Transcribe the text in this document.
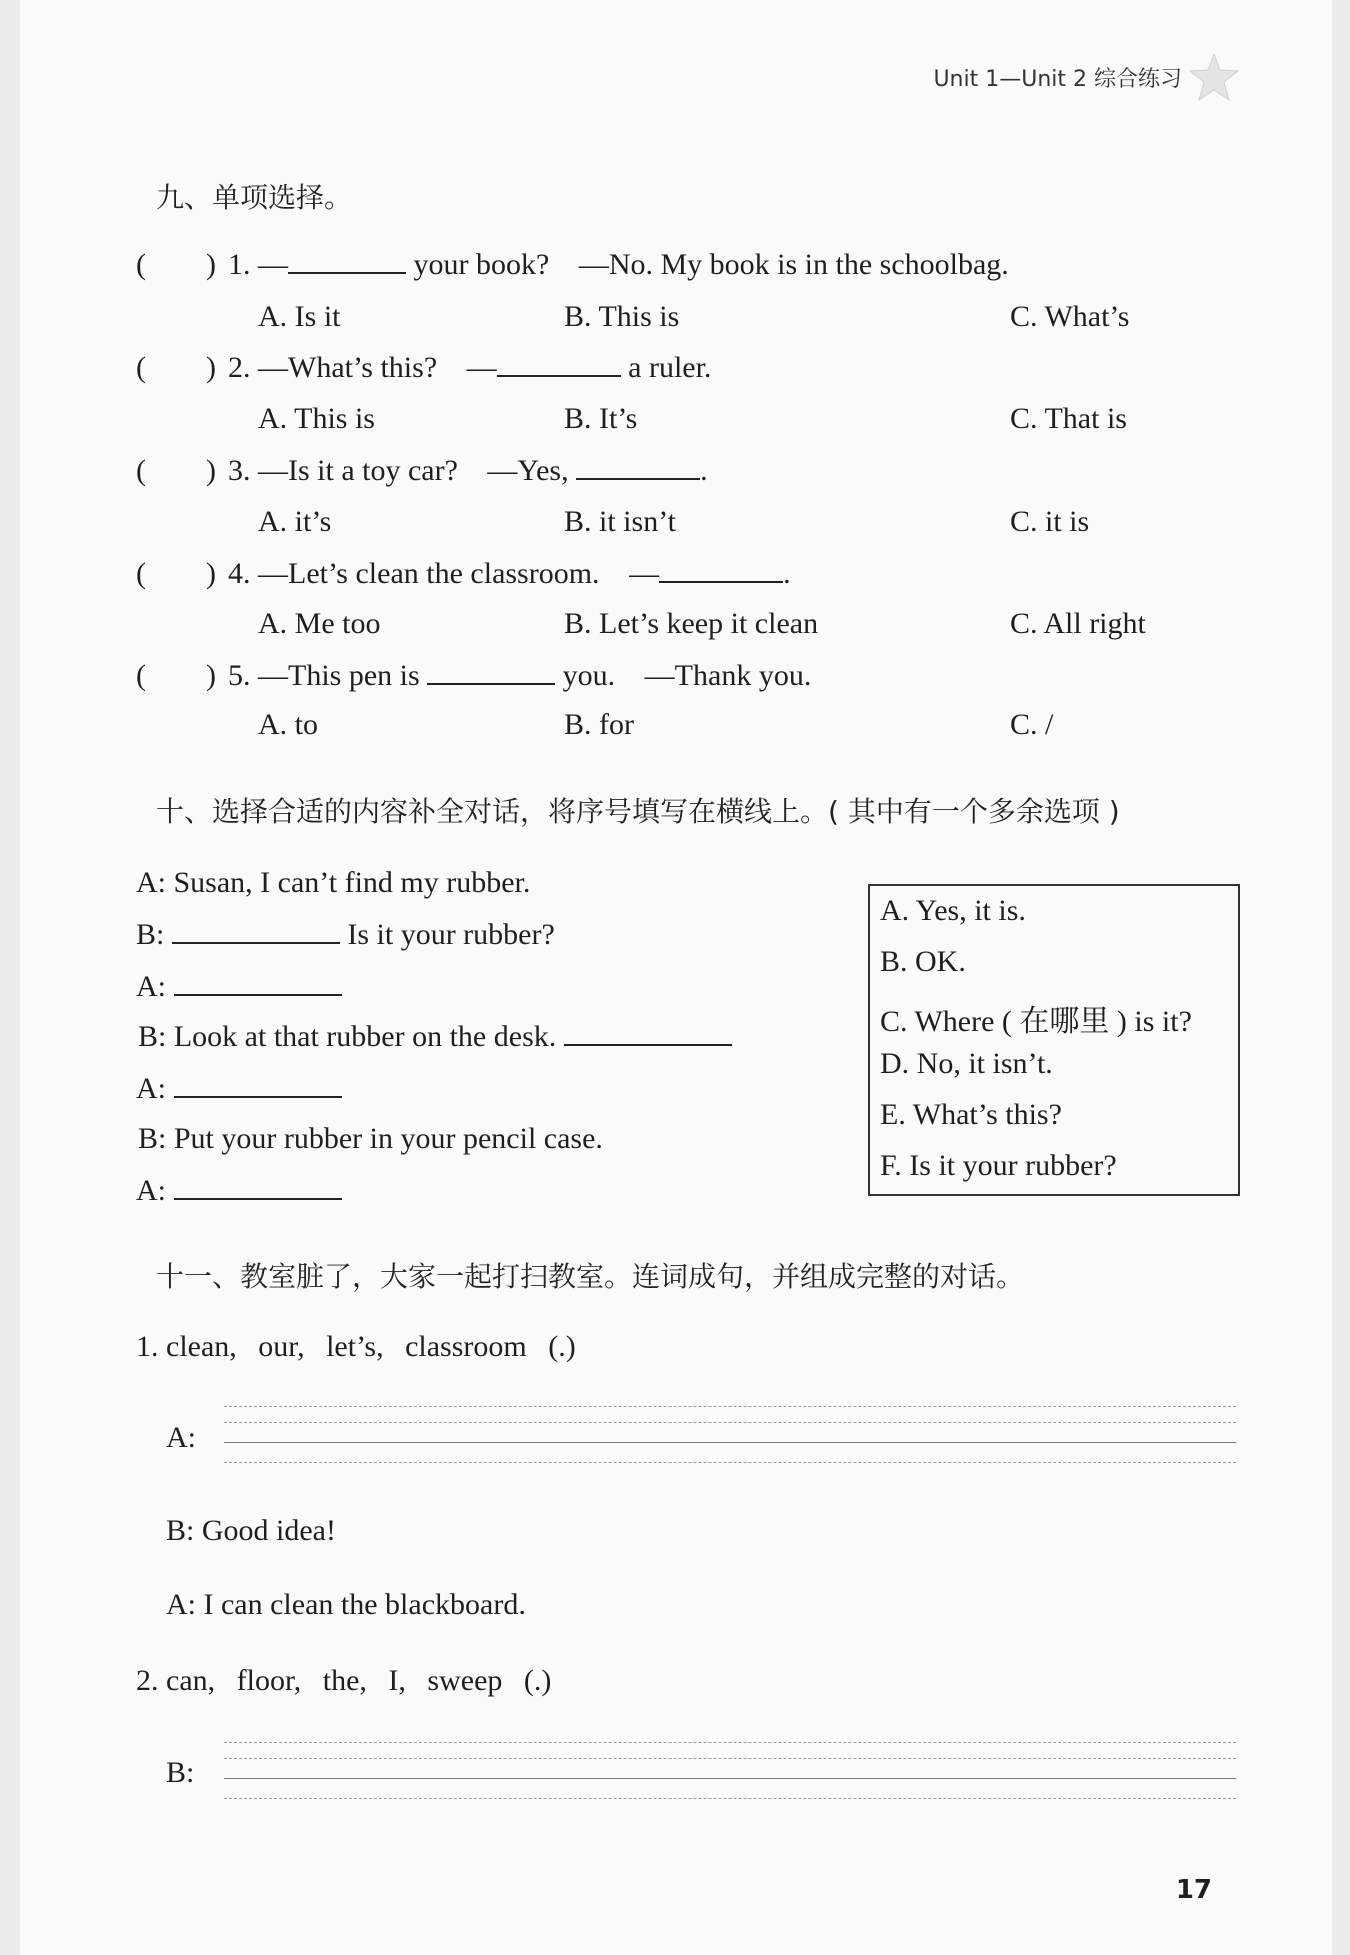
Unit 1—Unit 2 综合练习
九、单项选择。
( ) 1. —	your book? —No. My book is in the schoolbag.
A. Is it	B. This is	C. What’s
( ) 2. —What’s this? —	a ruler.
A. This is	B. It’s	C. That is
( ) 3. —Is it a toy car? —Yes,	.
A. it’s	B. it isn’t	C. it is
( ) 4. —Let’s clean the classroom. —	.
A. Me too	B. Let’s keep it clean	C. All right
( ) 5. —This pen is	you. —Thank you.
A. to	B. for	C. /
十、选择合适的内容补全对话，将序号填写在横线上。( 其中有一个多余选项 )
A: Susan, I can’t find my rubber.
B:	Is it your rubber?
A:
B: Look at that rubber on the desk.
A:
B: Put your rubber in your pencil case.
A:
A. Yes, it is.
B. OK.
C. Where ( 在哪里 ) is it?
D. No, it isn’t.
E. What’s this?
F. Is it your rubber?
十一、教室脏了，大家一起打扫教室。连词成句，并组成完整的对话。
1. clean, our, let’s, classroom (.)
A:
B: Good idea!
A: I can clean the blackboard.
2. can, floor, the, I, sweep (.)
B:
17
